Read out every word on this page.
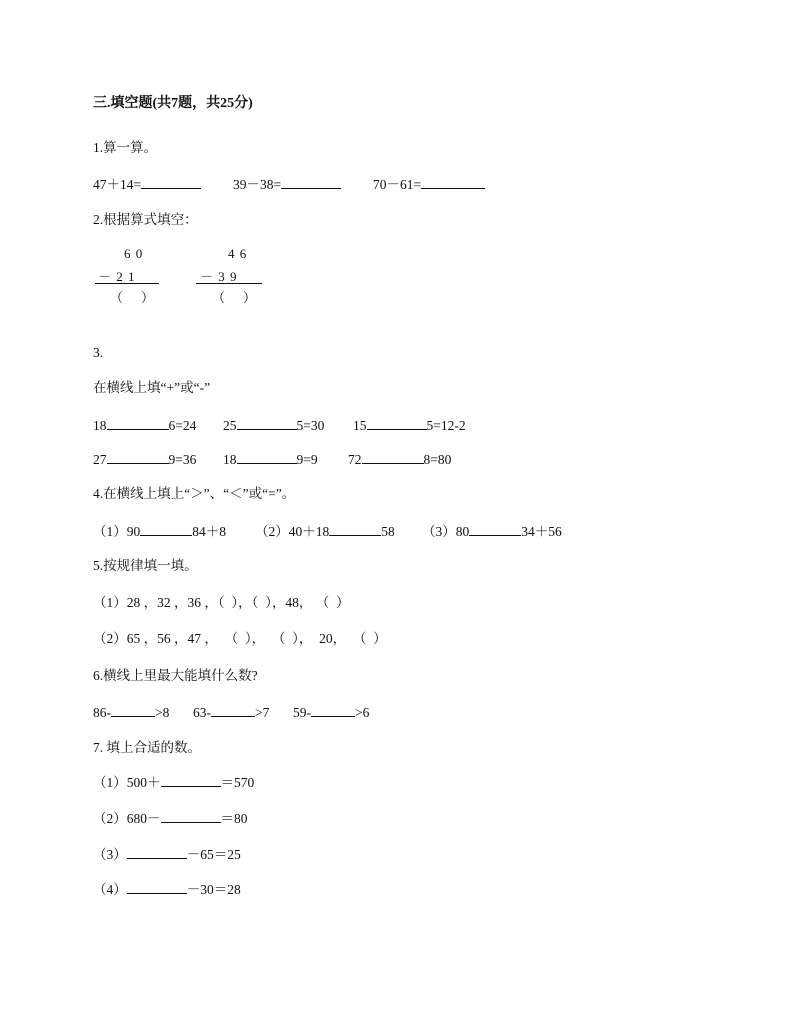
三.填空题(共7题，共25分)
1.算一算。
47＋14=	39－38=	70－61=
2.根据算式填空：
6 0
－ 2 1
（    ）
4 6
－ 3 9
（    ）
3.
在横线上填“+”或“-”
18	6=24 25	5=30 15	5=12-2
27	9=36 18	9=9 72	8=80
4.在横线上填上“＞”、“＜”或“=”。
（1）90	84＋8 （2）40＋18	58 （3）80	34＋56
5.按规律填一填。
（1）28 ，32 ，36 ，（  ），（  ），48， （  ）
（2）65 ，56 ，47 ，  （  ），  （  ），  20，  （  ）
6.横线上里最大能填什么数?
86-	>8 63-	>7 59-	>6
7. 填上合适的数。
（1）500＋	＝570
（2）680－	＝80
（3）	－65＝25
（4）	－30＝28
